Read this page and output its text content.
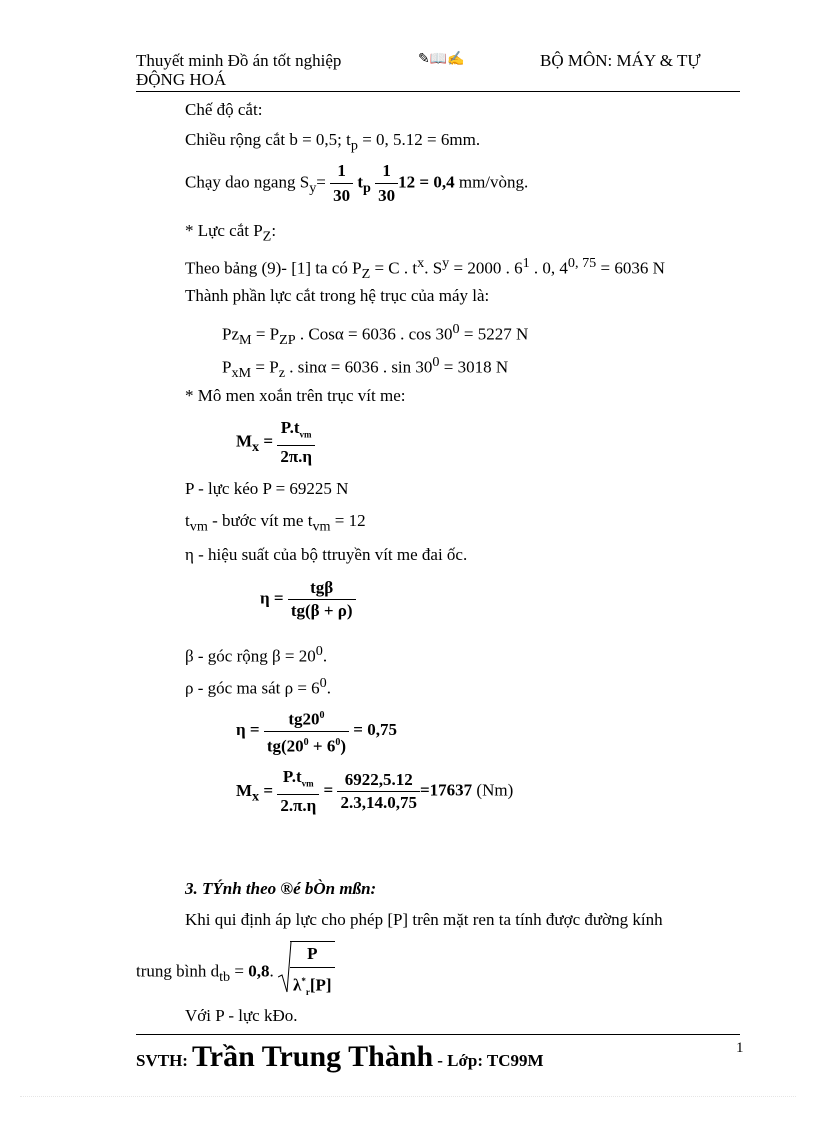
Thuyết minh Đồ án tốt nghiệp	✎📖✍	BỘ MÔN: MÁY & TỰ
ĐỘNG HOÁ
Chế độ cắt:
Chiều rộng cắt b = 0,5; $t_p = 0$, 5.12 = 6mm.
Chạy dao ngang $S_y= \frac{1}{30} t_p \frac{1}{30} 12 = 0,4$ mm/vòng.
* Lực cắt $P_Z$:
Theo bảng (9)- [1] ta có $P_Z = C$ . $t^x$. $S^y = 2000$ . $6^1$ . 0, $4^{0, 75} = 6036$ N
Thành phần lực cắt trong hệ trục của máy là:
$Pz_M = P_{ZP}$ . Cosα = 6036 . $\cos 30^0 = 5227$ N
$P_{xM} = P_z$ . sinα = 6036 . $\sin 30^0 = 3018$ N
* Mô men xoắn trên trục vít me:
$M_x = \frac{P.t_{vm}}{2\pi.\eta}$
P - lực kéo P = 69225 N
$t_{vm}$ - bước vít me $t_{vm} = 12$
η - hiệu suất của bộ ttruyền vít me đai ốc.
$\eta = \frac{\text{tgβ}}{tg(\beta + \rho)}$
β - góc rộng $\beta = 20^0$.
ρ - góc ma sát $\rho = 6^0$.
$\eta = \frac{tg20^0}{tg(20^0 + 6^0)} = 0,75$
$M_x = \frac{P.t_{vm}}{2.\pi.\eta} = \frac{6922,5.12}{2.3,14.0,75} =17637$ (Nm)
3. TÝnh theo ®é bÒn mßn:
Khi qui định áp lực cho phép [P] trên mặt ren ta tính được đường kính
trung bình $d_{tb} = 0,8$. $\frac{P}{\lambda^*_r[P]}$
Với P - lực kÐo.
SVTH: Trần Trung Thành - Lớp: TC99M
1
